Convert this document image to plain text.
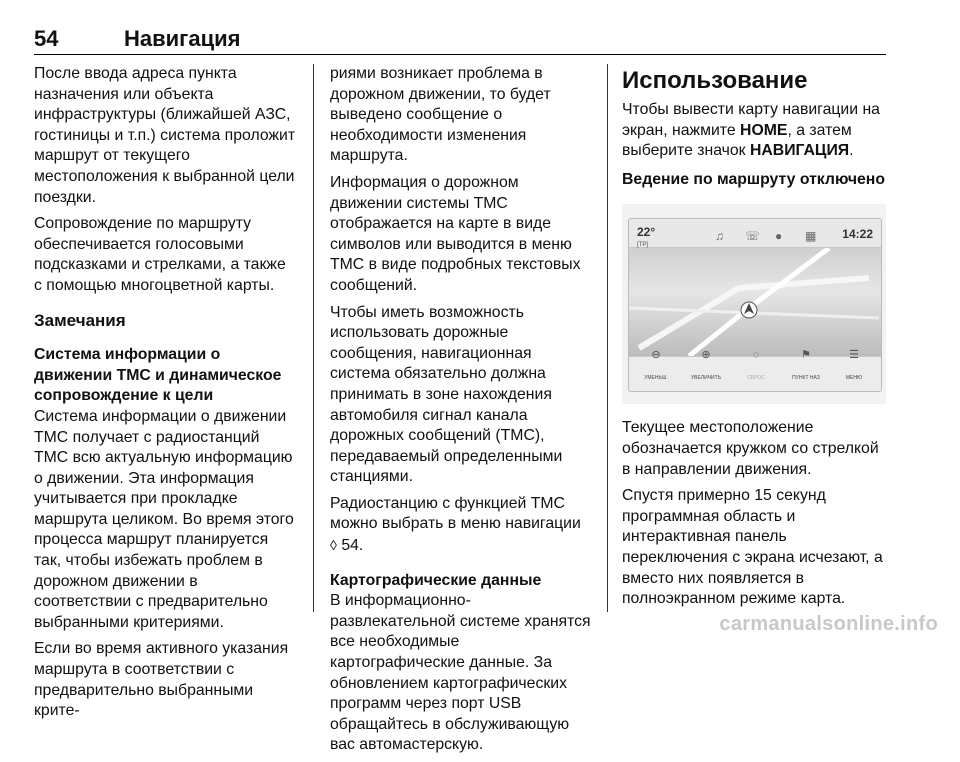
54	Навигация

После ввода адреса пункта назначения или объекта инфраструктуры (ближайшей АЗС, гостиницы и т.п.) система проложит маршрут от текущего местоположения к выбранной цели поездки.

Сопровождение по маршруту обеспечивается голосовыми подсказками и стрелками, а также с помощью многоцветной карты.

Замечания
Система информации о движении ТМС и динамическое сопровождение к цели

Система информации о движении ТМС получает с радиостанций ТМС всю актуальную информацию о движении. Эта информация учитывается при прокладке маршрута целиком. Во время этого процесса маршрут планируется так, чтобы избежать проблем в дорожном движении в соответствии с предварительно выбранными критериями.

Если во время активного указания маршрута в соответствии с предварительно выбранными крите-

риями возникает проблема в дорожном движении, то будет выведено сообщение о необходимости изменения маршрута.

Информация о дорожном движении системы ТМС отображается на карте в виде символов или выводится в меню ТМС в виде подробных текстовых сообщений.

Чтобы иметь возможность использовать дорожные сообщения, навигационная система обязательно должна принимать в зоне нахождения автомобиля сигнал канала дорожных сообщений (ТМС), передаваемый определенными станциями.

Радиостанцию с функцией ТМС можно выбрать в меню навигации ◊ 54.

Картографические данные

В информационно-развлекательной системе хранятся все необходимые картографические данные. За обновлением картографических программ через порт USB обращайтесь в обслуживающую вас автомастерскую.

Использование

Чтобы вывести карту навигации на экран, нажмите HOME, а затем выберите значок НАВИГАЦИЯ.

Ведение по маршруту отключено
22°
[TP]
♫ ☏ ● ▦ 14:22
⊖
УМЕНЬШ.
⊕
УВЕЛИЧИТЬ
◌
СБРОС
⚑
ПУНКТ НАЗ
☰
МЕНЮ

Текущее местоположение обозначается кружком со стрелкой в направлении движения.

Спустя примерно 15 секунд программная область и интерактивная панель переключения с экрана исчезают, а вместо них появляется в полноэкранном режиме карта.

carmanualsonline.info
